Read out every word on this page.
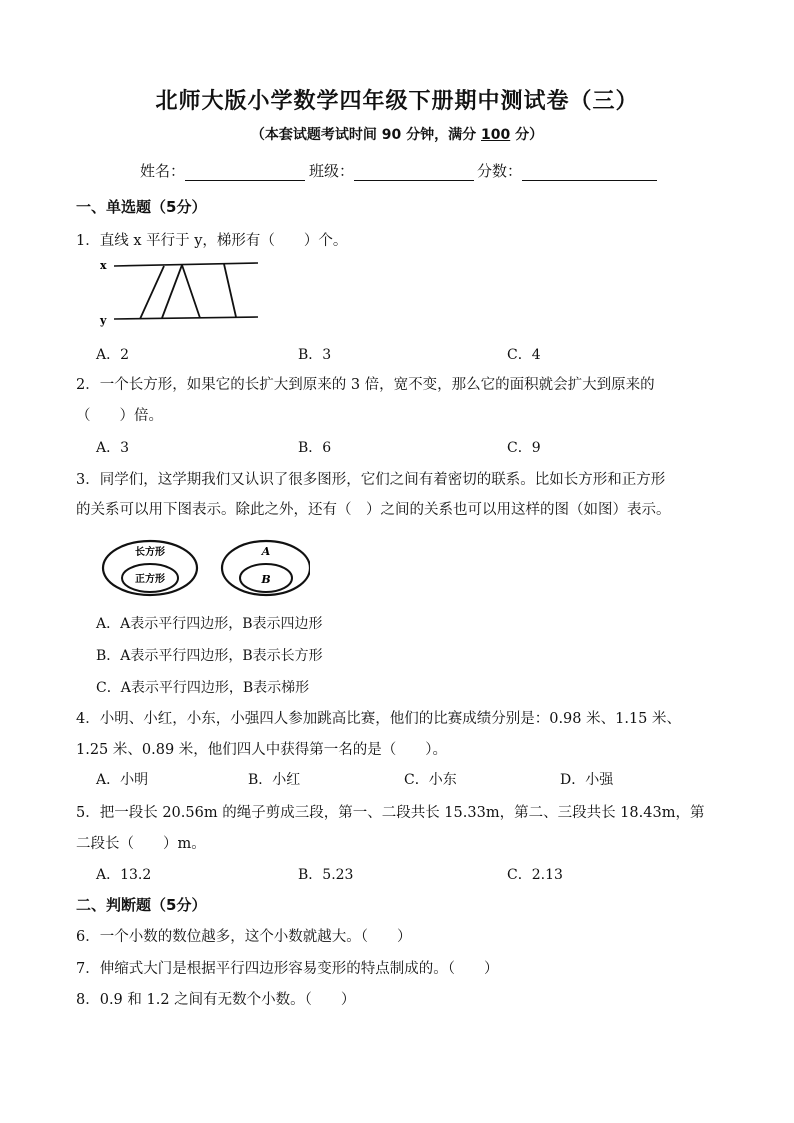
北师大版小学数学四年级下册期中测试卷（三）
（本套试题考试时间 90 分钟，满分 100 分）
姓名：	班级：	分数：
一、单选题（5分）
1．直线 x 平行于 y，梯形有（　　）个。
x
y
A．2	B．3	C．4
2．一个长方形，如果它的长扩大到原来的 3 倍，宽不变，那么它的面积就会扩大到原来的
（　　）倍。
A．3	B．6	C．9
3．同学们，这学期我们又认识了很多图形，它们之间有着密切的联系。比如长方形和正方形
的关系可以用下图表示。除此之外，还有（　）之间的关系也可以用这样的图（如图）表示。
长方形
正方形
A
B
A．A表示平行四边形，B表示四边形
B．A表示平行四边形，B表示长方形
C．A表示平行四边形，B表示梯形
4．小明、小红，小东，小强四人参加跳高比赛，他们的比赛成绩分别是：0.98 米、1.15 米、
1.25 米、0.89 米，他们四人中获得第一名的是（　　）。
A．小明	B．小红	C．小东	D．小强
5．把一段长 20.56m 的绳子剪成三段，第一、二段共长 15.33m，第二、三段共长 18.43m，第
二段长（　　）m。
A．13.2	B．5.23	C．2.13
二、判断题（5分）
6．一个小数的数位越多，这个小数就越大。（　　）
7．伸缩式大门是根据平行四边形容易变形的特点制成的。（　　）
8．0.9 和 1.2 之间有无数个小数。（　　）
